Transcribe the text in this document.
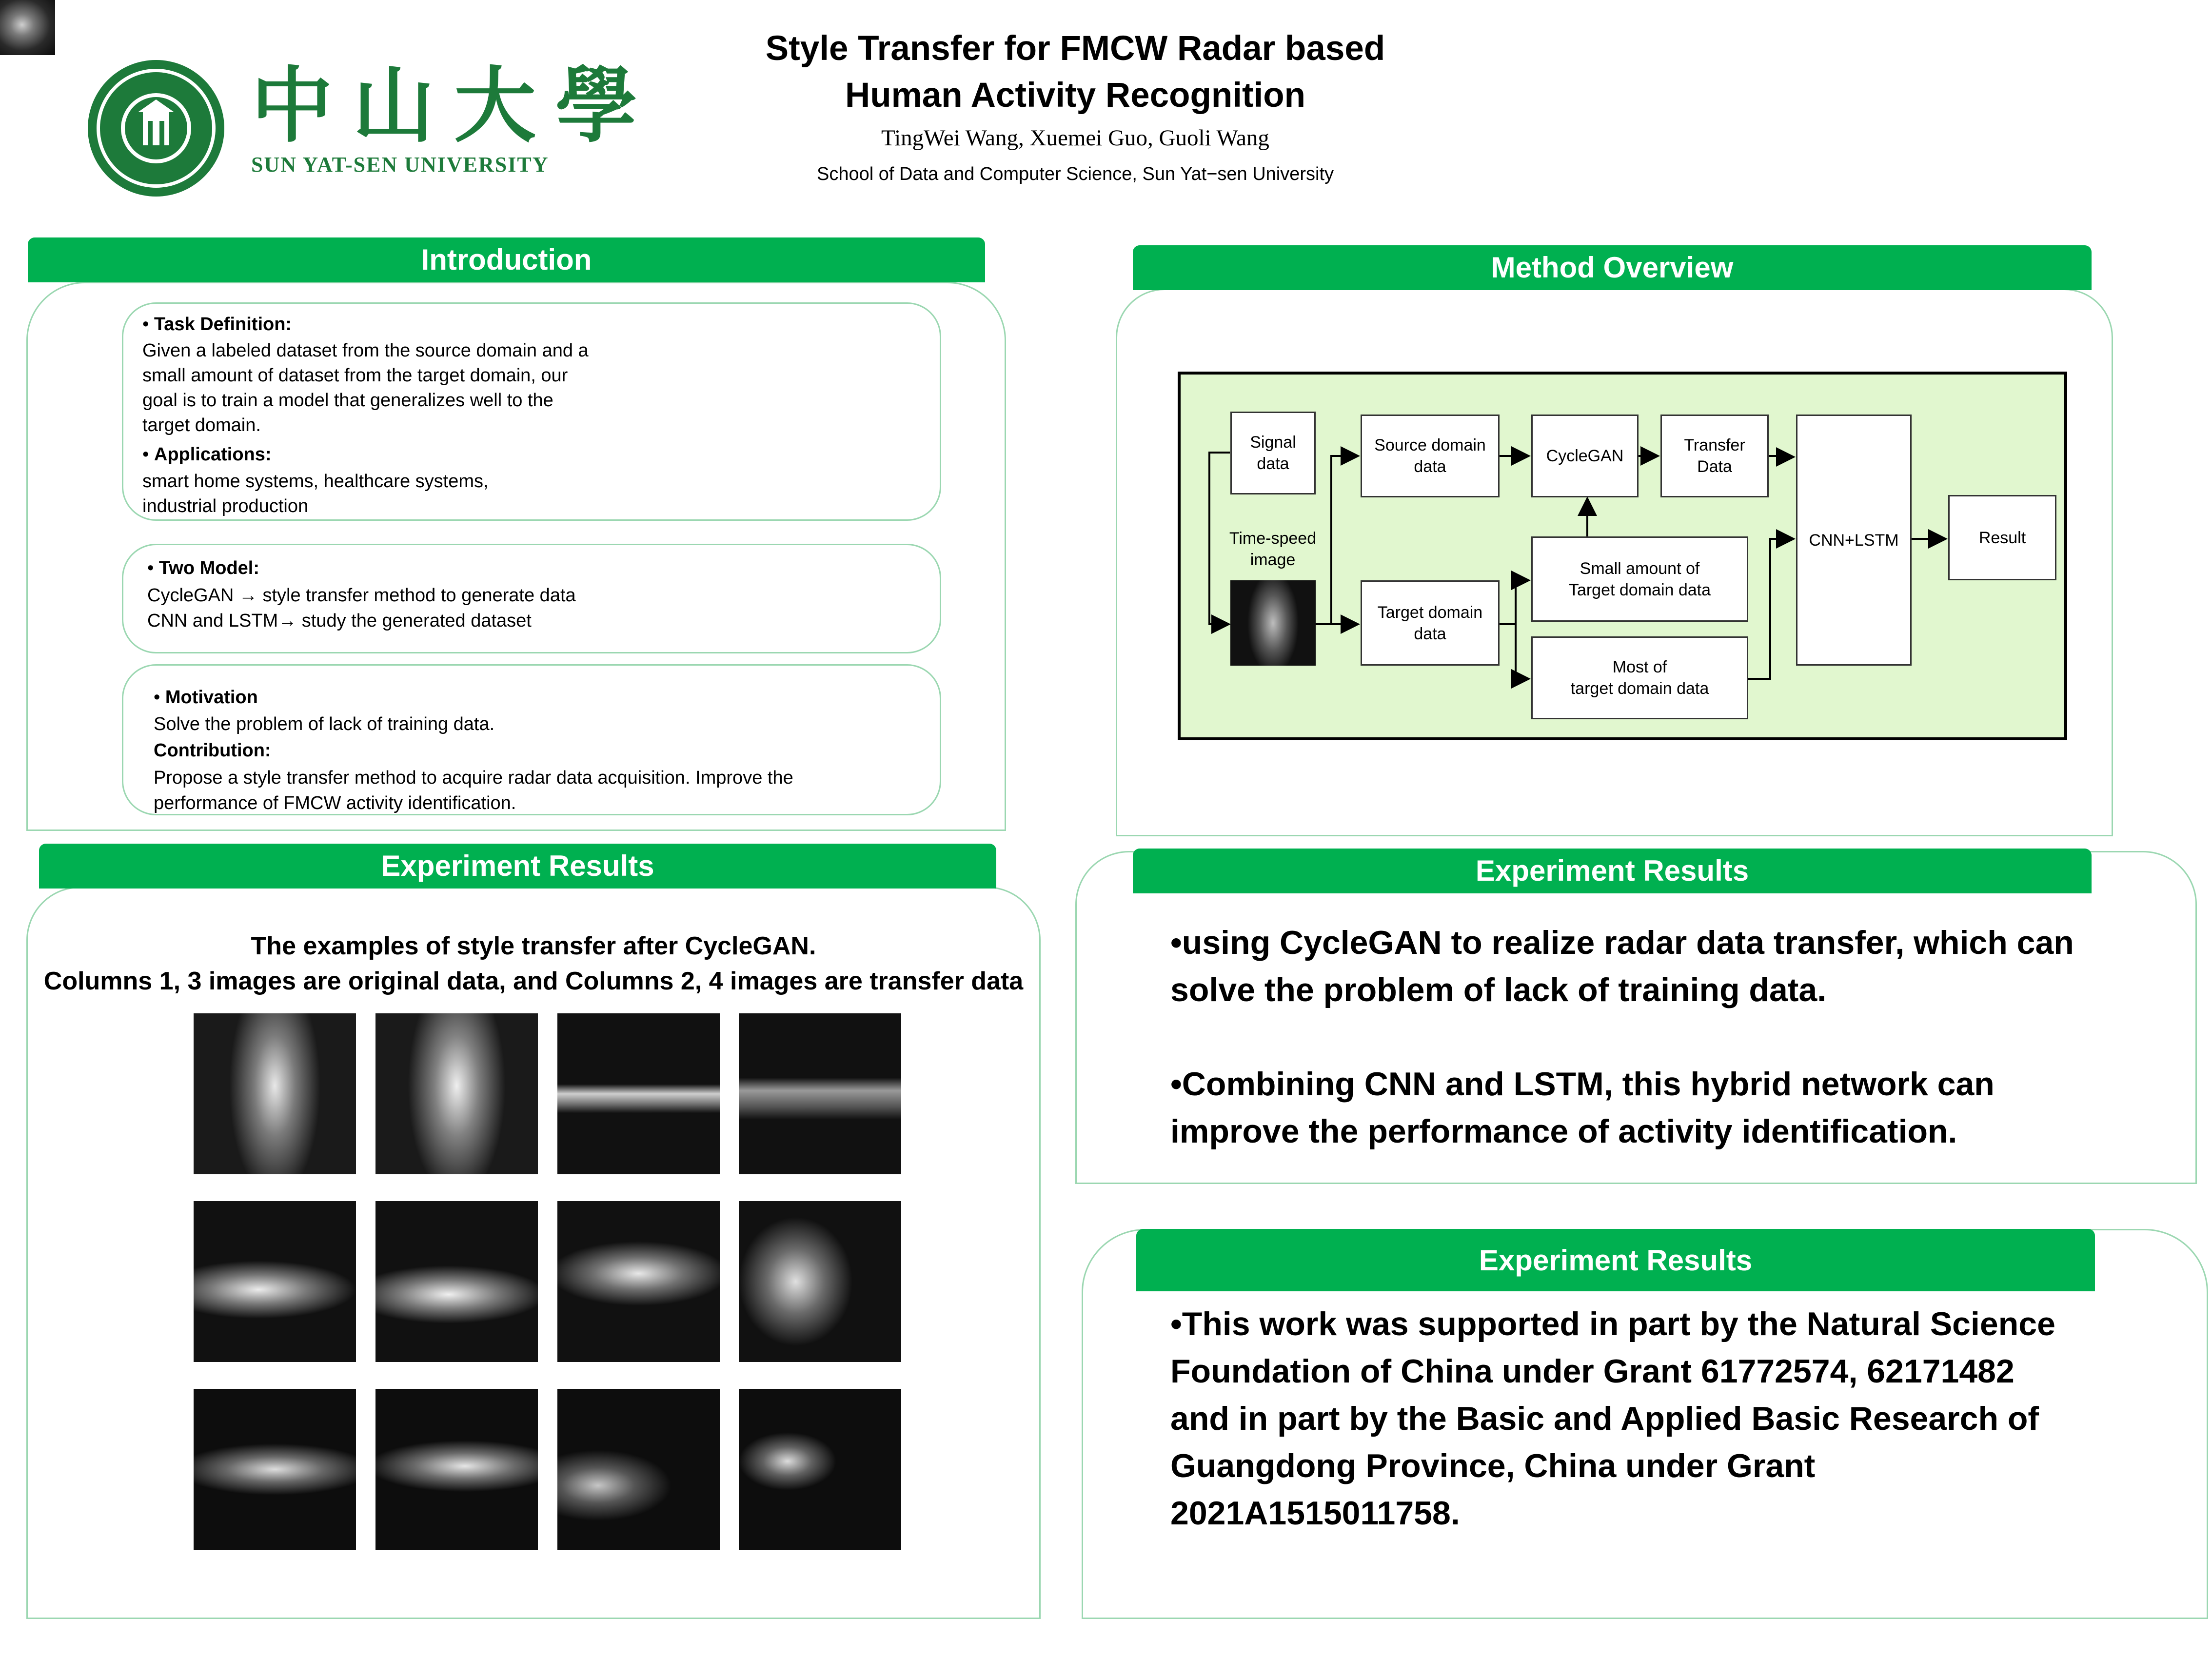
中山大學
SUN YAT-SEN UNIVERSITY
Style Transfer for FMCW Radar based
Human Activity Recognition
TingWei Wang, Xuemei Guo, Guoli Wang
School of Data and Computer Science, Sun Yat−sen University
Introduction
• Task Definition:
Given a labeled dataset from the source domain and a
small amount of dataset from the target domain, our
goal is to train a model that generalizes well to the
target domain.
• Applications:
smart home systems, healthcare systems,
industrial production
• Two Model:
CycleGAN → style transfer method to generate data
CNN and LSTM→ study the generated dataset
• Motivation
Solve the problem of lack of training data.
Contribution:
Propose a style transfer method to acquire radar data acquisition. Improve the
performance of FMCW activity identification.
Method Overview
Signal data
Time-speed
image
Source domain
data
Target domain
data
CycleGAN
Transfer
Data
Small amount of
Target domain data
Most of
target domain data
CNN+LSTM	Result
Experiment Results
The examples of style transfer after CycleGAN.
Columns 1, 3 images are original data, and Columns 2, 4 images are transfer data
Experiment Results
•using CycleGAN to realize radar data transfer, which can
solve the problem of lack of training data.
•Combining CNN and LSTM, this hybrid network can
improve the performance of activity identification.
Experiment Results
•This work was supported in part by the Natural Science
Foundation of China under Grant 61772574, 62171482
and in part by the Basic and Applied Basic Research of
Guangdong Province, China under Grant
2021A1515011758.
